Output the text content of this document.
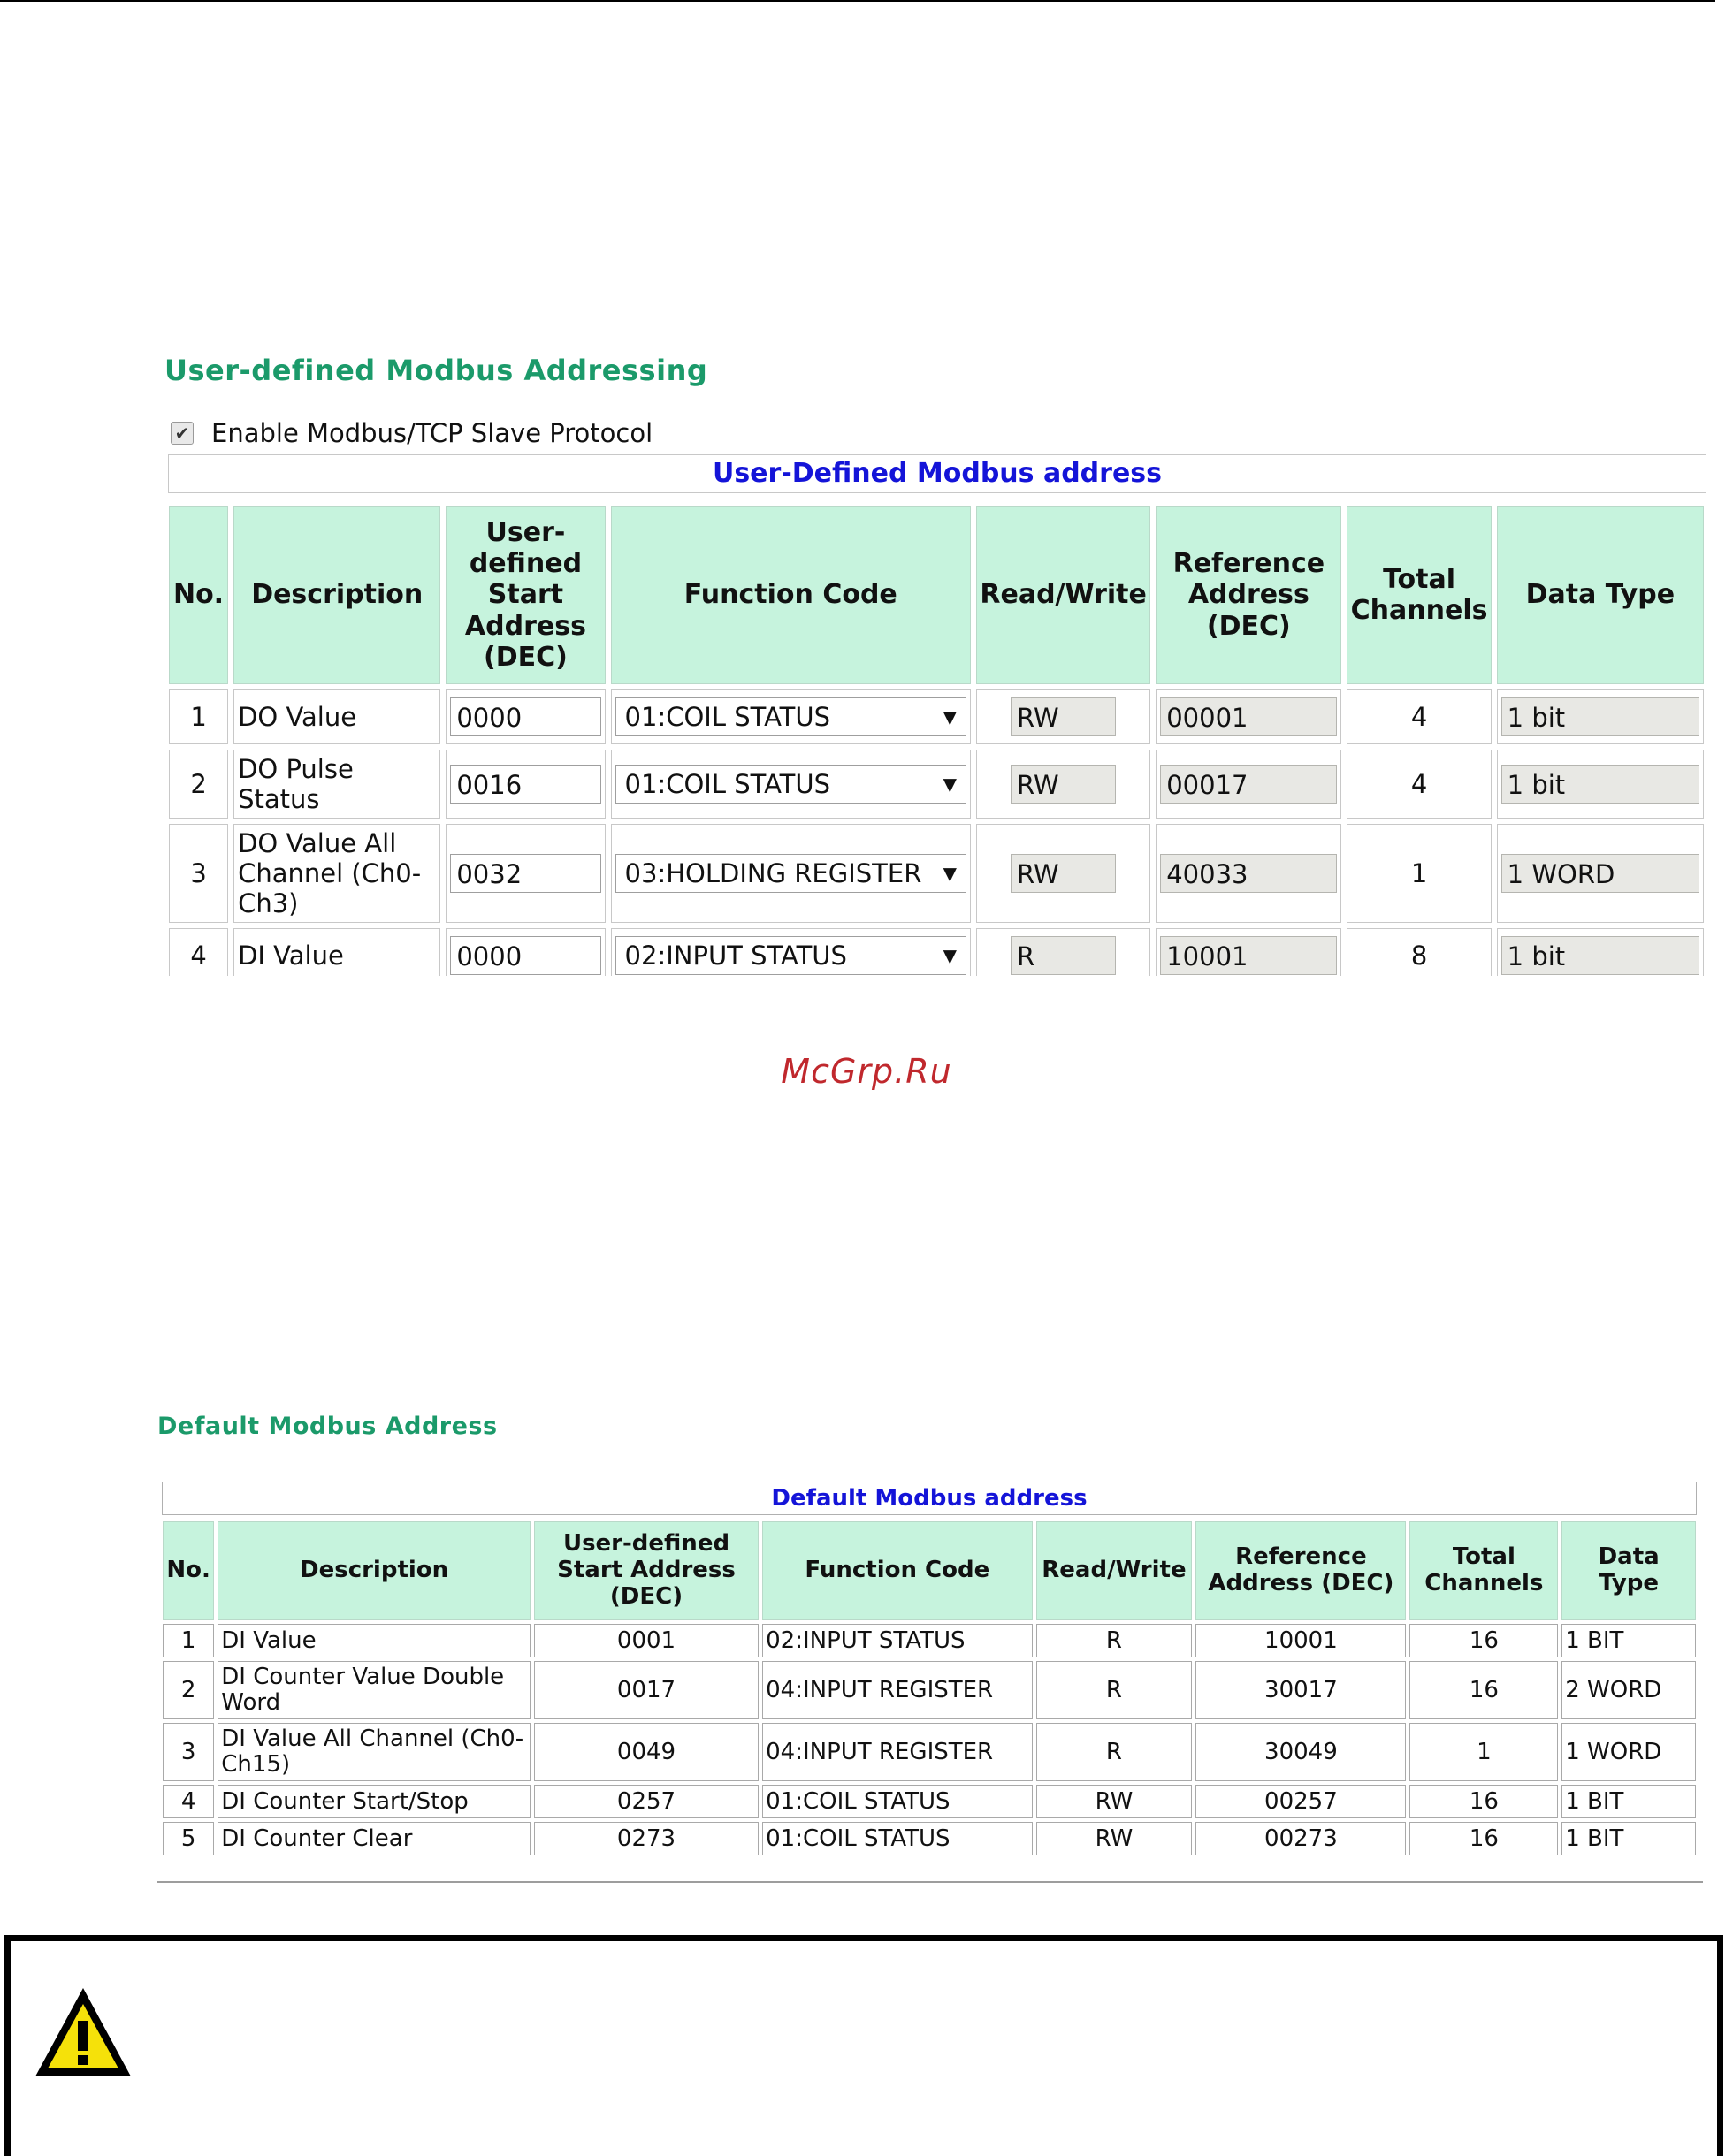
User-defined Modbus Addressing
✔ Enable Modbus/TCP Slave Protocol
User-Defined Modbus address
No.	Description	User-defined Start Address (DEC)	Function Code	Read/Write	Reference Address (DEC)	Total Channels	Data Type
1	DO Value	0000	01:COIL STATUS ▼	RW	00001	4	1 bit

2	DO Pulse Status	0016	01:COIL STATUS ▼	RW	00017	4	1 bit

3	DO Value All Channel (Ch0-Ch3)	0032	03:HOLDING REGISTER ▼	RW	40033	1	1 WORD

4	DI Value	0000	02:INPUT STATUS ▼	R	10001	8	1 bit
McGrp.Ru
Default Modbus Address
Default Modbus address
No.	Description	User-defined Start Address (DEC)	Function Code	Read/Write	Reference Address (DEC)	Total Channels	Data Type
1	DI Value	0001	02:INPUT STATUS	R	10001	16	1 BIT
2	DI Counter Value Double Word	0017	04:INPUT REGISTER	R	30017	16	2 WORD
3	DI Value All Channel (Ch0-Ch15)	0049	04:INPUT REGISTER	R	30049	1	1 WORD
4	DI Counter Start/Stop	0257	01:COIL STATUS	RW	00257	16	1 BIT
5	DI Counter Clear	0273	01:COIL STATUS	RW	00273	16	1 BIT
